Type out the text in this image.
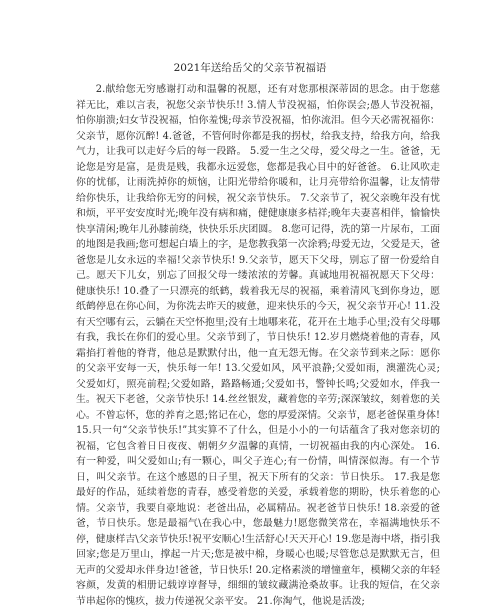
2021年送给岳父的父亲节祝福语

2.献给您无穷感谢打动和温馨的祝愿，还有对您那根深蒂固的思念。由于您慈祥无比，难以言表，祝您父亲节快乐!! 3.情人节没祝福，怕你误会;愚人节没祝福，怕你崩溃;妇女节没祝福，怕你羞愧;母亲节没祝福，怕你流泪。但今天必需祝福你：父亲节，愿你沉醉! 4.爸爸，不管何时你都是我的拐杖，给我支持，给我方向，给我气力，让我可以走好今后的每一段路。 5.爱一生之父母，爱父母之一生。爸爸，无论您是穷是富，是贵是贱，我都永远爱您，您都是我心目中的好爸爸。 6.让风吹走你的忧郁，让雨洗掉你的烦恼，让阳光带给你暖和，让月亮带给你温馨，让友情带给你快乐，让我给你无穷的问候，祝父亲节快乐。 7.父亲节了，祝父亲晚年没有忧和烦，平平安安度时光;晚年没有病和痛，健健康康多桔祥;晚年夫妻喜相伴，愉愉快快享清闲;晚年儿孙膝前绕，快快乐乐庆团圆。 8.您可记得，洗的第一片尿布，工面的地图是我画;您可想起白墙上的字，是您教我第一次涂鸦;母爱无边，父爱是天，爸爸您是儿女永远的幸福!父亲节快乐! 9.父亲节，愿天下父母，别忘了留一份爱给自己。愿天下儿女，别忘了回报父母一缕浓浓的芳馨。真诚地用祝福祝愿天下父母：健康快乐! 10.叠了一只漂亮的纸鹤，载着我无尽的祝福，乘着清风飞到你身边，愿纸鹤停息在你心间，为你洗去昨天的疲惫，迎来快乐的今天，祝父亲节开心! 11.没有天空哪有云，云躺在天空怀抱里;没有土地哪来花，花开在土地手心里;没有父母哪有我，我长在你们的爱心里。父亲节到了，节日快乐! 12.岁月燃烧着他的青春，风霜掐打着他的脊背，他总是默默付出，他一直无怨无悔。在父亲节到来之际：愿你的父亲平安每一天，快乐每一年! 13.父爱如风，风平浪静;父爱如雨，澳灌洗心灵;父爱如灯，照亮前程;父爱如路，路路畅通;父爱如书，警钟长鸣;父爱如水，伴我一生。祝天下老爸，父亲节快乐! 14.丝丝银发，藏着您的辛劳;深深皱纹，刻着您的关心。不曾忘怀，您的养育之恩;铭记在心，您的厚爱深情。父亲节，愿老爸保重身体! 15.只一句“父亲节快乐!”其实算不了什么，但是小小的一句话蕴含了我对您亲切的祝福，它包含着日日夜夜、朝朝夕夕温馨的真情，一切祝福由我的内心深处。 16.有一种爱，叫父爱如山;有一颗心，叫父子连心;有一份情，叫情深似海。有一个节日，叫父亲节。在这个感恩的日子里，祝天下所有的父亲：节日快乐。 17.我是您最好的作品，延续着您的青春，感受着您的关爱，承载着您的期盼，快乐着您的心情。父亲节，我要自豪地说：老爸出品，必属精品。祝老爸节日快乐! 18.亲爱的爸爸，节日快乐。您是最福气\在我心中，您最魅力!愿您微笑常在，幸福满地快乐不停，健康样吉\父亲节快乐!祝平安顺心!生活舒心!天天开心! 19.您是海中塔，指引我回家;您是万里山，撑起一片天;您是被中棉，身暖心也暖;尽管您总是默默无言，但无声的父爱却永伴身边!爸爸，节日快乐! 20.定格素淡的增憧童年，模糊父亲的年轻容颜，发黄的相册记载谆谆督导，细细的皱纹藏满沧桑故事。让我的短信，在父亲节串起你的愧疚，拔力传递祝父亲平安。 21.你淘气，他说是活泼;
